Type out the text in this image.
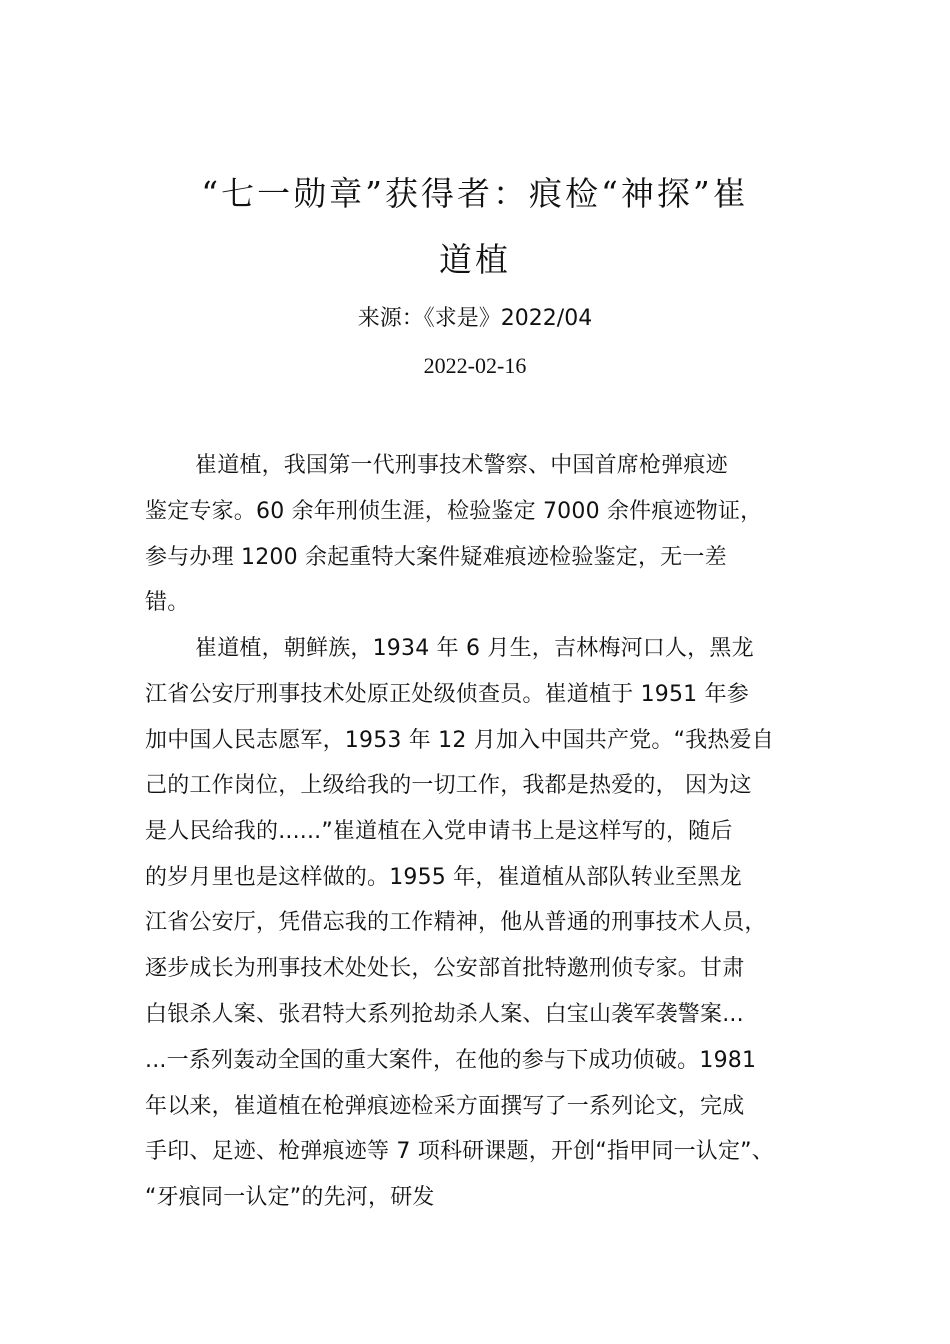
“七一勋章”获得者：痕检“神探”崔
道植
来源：《求是》2022/04
2022-02-16
崔道植，我国第一代刑事技术警察、中国首席枪弹痕迹
鉴定专家。60 余年刑侦生涯，检验鉴定 7000 余件痕迹物证，
参与办理 1200 余起重特大案件疑难痕迹检验鉴定，无一差
错。
崔道植，朝鲜族，1934 年 6 月生，吉林梅河口人，黑龙
江省公安厅刑事技术处原正处级侦查员。崔道植于 1951 年参
加中国人民志愿军，1953 年 12 月加入中国共产党。“我热爱自
己的工作岗位，上级给我的一切工作，我都是热爱的， 因为这
是人民给我的......”崔道植在入党申请书上是这样写的，随后
的岁月里也是这样做的。1955 年，崔道植从部队转业至黑龙
江省公安厅，凭借忘我的工作精神，他从普通的刑事技术人员，
逐步成长为刑事技术处处长，公安部首批特邀刑侦专家。甘肃
白银杀人案、张君特大系列抢劫杀人案、白宝山袭军袭警案...
...一系列轰动全国的重大案件，在他的参与下成功侦破。1981
年以来，崔道植在枪弹痕迹检采方面撰写了一系列论文，完成
手印、足迹、枪弹痕迹等 7 项科研课题，开创“指甲同一认定”、
“牙痕同一认定”的先河，研发
